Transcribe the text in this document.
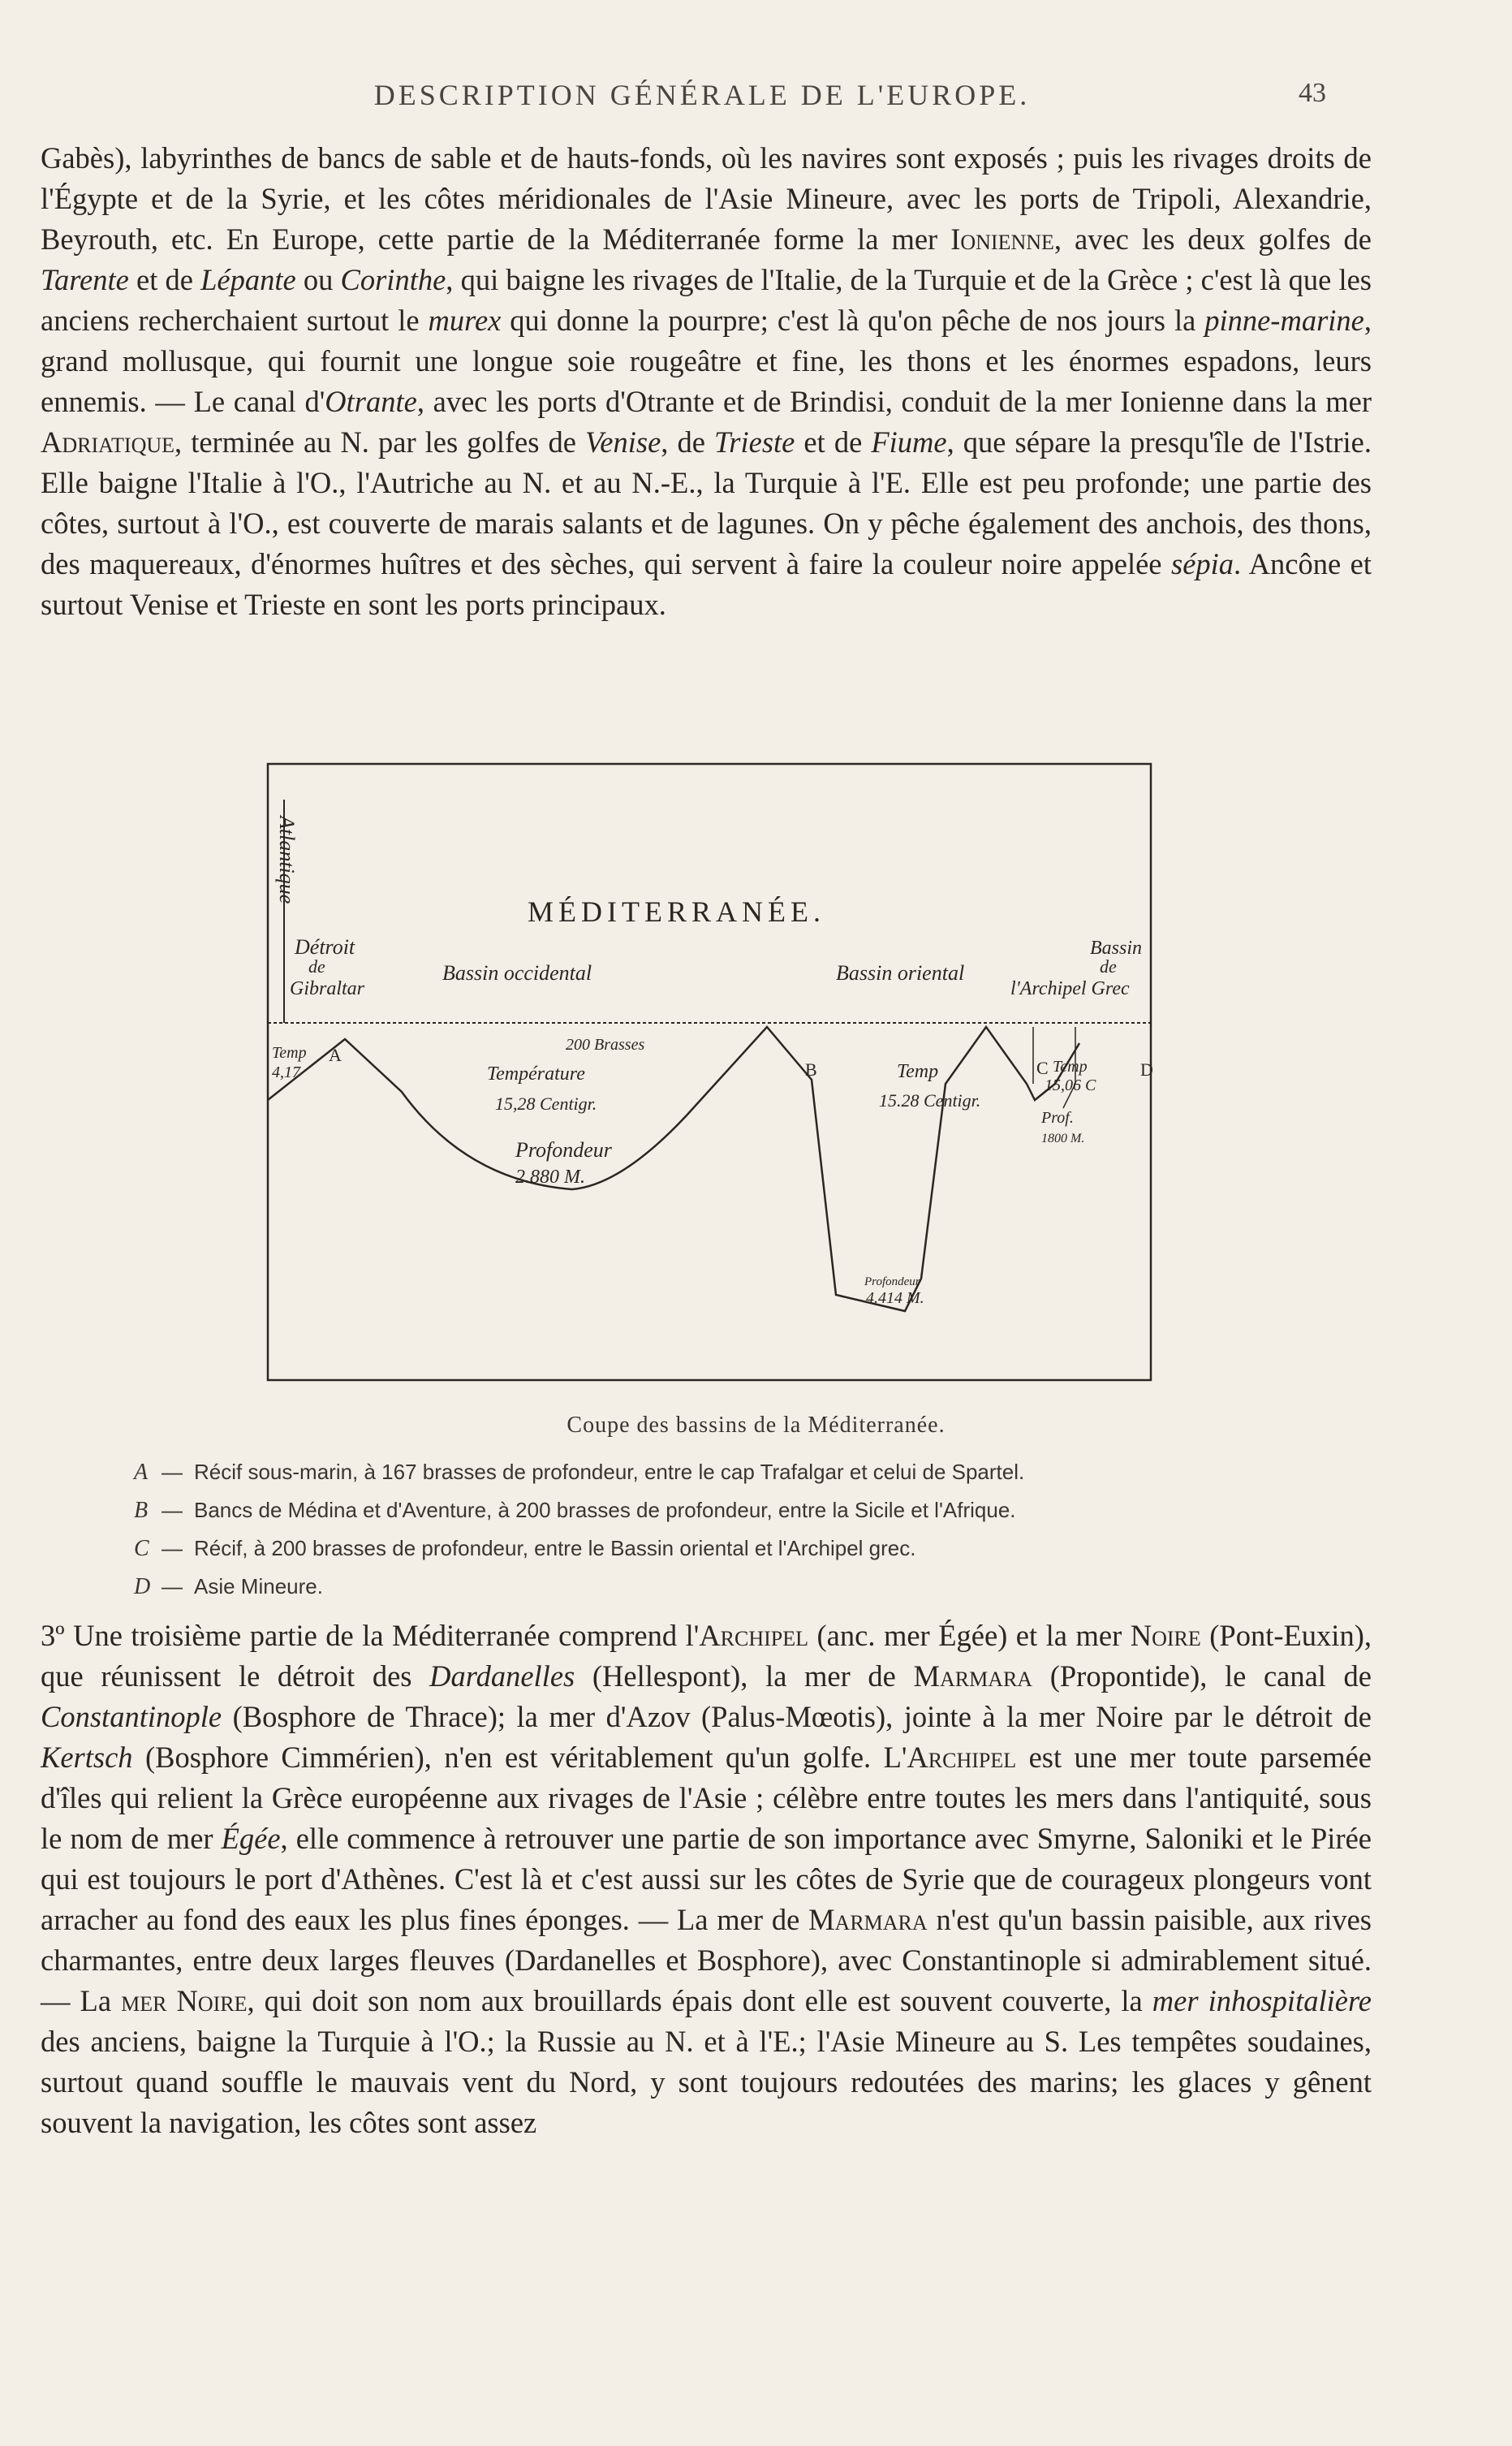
DESCRIPTION GÉNÉRALE DE L'EUROPE.	43

Gabès), labyrinthes de bancs de sable et de hauts-fonds, où les navires sont exposés ; puis les rivages droits de l'Égypte et de la Syrie, et les côtes méridionales de l'Asie Mineure, avec les ports de Tripoli, Alexandrie, Beyrouth, etc. En Europe, cette partie de la Méditerranée forme la mer Ionienne, avec les deux golfes de Tarente et de Lépante ou Corinthe, qui baigne les rivages de l'Italie, de la Turquie et de la Grèce ; c'est là que les anciens recherchaient surtout le murex qui donne la pourpre; c'est là qu'on pêche de nos jours la pinne-marine, grand mollusque, qui fournit une longue soie rougeâtre et fine, les thons et les énormes espadons, leurs ennemis. — Le canal d'Otrante, avec les ports d'Otrante et de Brindisi, conduit de la mer Ionienne dans la mer Adriatique, terminée au N. par les golfes de Venise, de Trieste et de Fiume, que sépare la presqu'île de l'Istrie. Elle baigne l'Italie à l'O., l'Autriche au N. et au N.-E., la Turquie à l'E. Elle est peu profonde; une partie des côtes, surtout à l'O., est couverte de marais salants et de lagunes. On y pêche également des anchois, des thons, des maquereaux, d'énormes huîtres et des sèches, qui servent à faire la couleur noire appelée sépia. Ancône et surtout Venise et Trieste en sont les ports principaux.

Atlantique
MÉDITERRANÉE.
Détroit
de
Gibraltar
Bassin occidental	Bassin oriental
Bassin
de
l'Archipel Grec
Temp
4,17
A	200 Brasses
Température
15,28 Centigr.
Profondeur
2.880 M.
B	Temp
15.28 Centigr.
Profondeur
4.414 M.
C Temp
15,06 C
D
Prof.
1800 M.
Coupe des bassins de la Méditerranée.
A — Récif sous-marin, à 167 brasses de profondeur, entre le cap Trafalgar et celui de Spartel.
B — Bancs de Médina et d'Aventure, à 200 brasses de profondeur, entre la Sicile et l'Afrique.
C — Récif, à 200 brasses de profondeur, entre le Bassin oriental et l'Archipel grec.
D — Asie Mineure.

3º Une troisième partie de la Méditerranée comprend l'Archipel (anc. mer Égée) et la mer Noire (Pont-Euxin), que réunissent le détroit des Dardanelles (Hellespont), la mer de Marmara (Propontide), le canal de Constantinople (Bosphore de Thrace); la mer d'Azov (Palus-Mœotis), jointe à la mer Noire par le détroit de Kertsch (Bosphore Cimmérien), n'en est véritablement qu'un golfe. L'Archipel est une mer toute parsemée d'îles qui relient la Grèce européenne aux rivages de l'Asie ; célèbre entre toutes les mers dans l'antiquité, sous le nom de mer Égée, elle commence à retrouver une partie de son importance avec Smyrne, Saloniki et le Pirée qui est toujours le port d'Athènes. C'est là et c'est aussi sur les côtes de Syrie que de courageux plongeurs vont arracher au fond des eaux les plus fines éponges. — La mer de Marmara n'est qu'un bassin paisible, aux rives charmantes, entre deux larges fleuves (Dardanelles et Bosphore), avec Constantinople si admirablement situé. — La mer Noire, qui doit son nom aux brouillards épais dont elle est souvent couverte, la mer inhospitalière des anciens, baigne la Turquie à l'O.; la Russie au N. et à l'E.; l'Asie Mineure au S. Les tempêtes soudaines, surtout quand souffle le mauvais vent du Nord, y sont toujours redoutées des marins; les glaces y gênent souvent la navigation, les côtes sont assez
